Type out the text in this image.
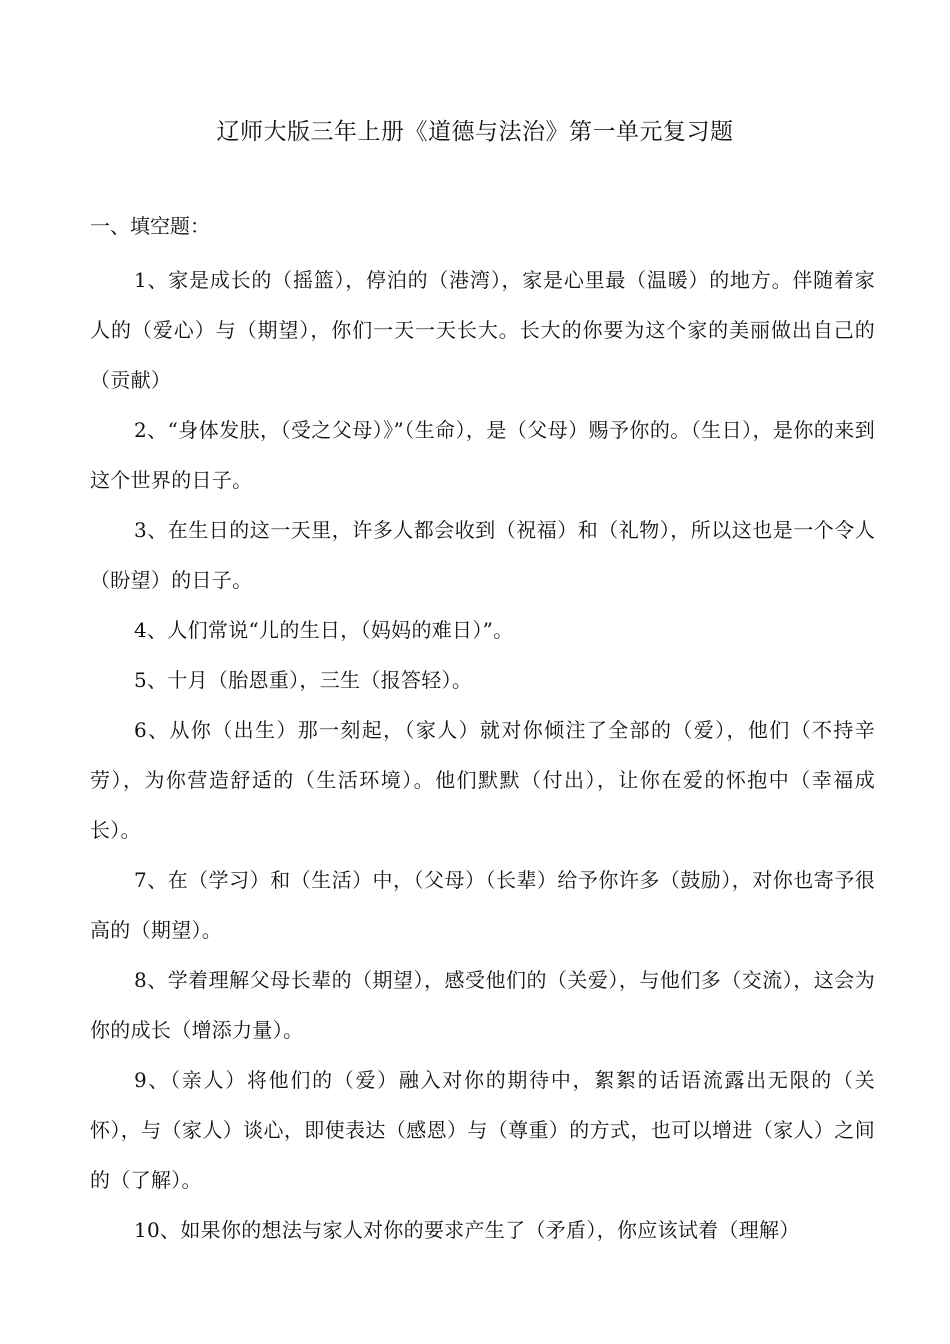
辽师大版三年上册《道德与法治》第一单元复习题
一、填空题：

1、家是成长的（摇篮），停泊的（港湾），家是心里最（温暖）的地方。伴随着家人的（爱心）与（期望），你们一天一天长大。长大的你要为这个家的美丽做出自己的（贡献）

2、“身体发肤，（受之父母）》”（生命），是（父母）赐予你的。（生日），是你的来到这个世界的日子。

3、在生日的这一天里，许多人都会收到（祝福）和（礼物），所以这也是一个令人（盼望）的日子。

4、人们常说“儿的生日，（妈妈的难日）”。

5、十月（胎恩重），三生（报答轻）。

6、从你（出生）那一刻起，（家人）就对你倾注了全部的（爱），他们（不持辛劳），为你营造舒适的（生活环境）。他们默默（付出），让你在爱的怀抱中（幸福成长）。

7、在（学习）和（生活）中，（父母）（长辈）给予你许多（鼓励），对你也寄予很高的（期望）。

8、学着理解父母长辈的（期望），感受他们的（关爱），与他们多（交流），这会为你的成长（增添力量）。

9、（亲人）将他们的（爱）融入对你的期待中，絮絮的话语流露出无限的（关怀），与（家人）谈心，即使表达（感恩）与（尊重）的方式，也可以增进（家人）之间的（了解）。

10、如果你的想法与家人对你的要求产生了（矛盾），你应该试着（理解）
